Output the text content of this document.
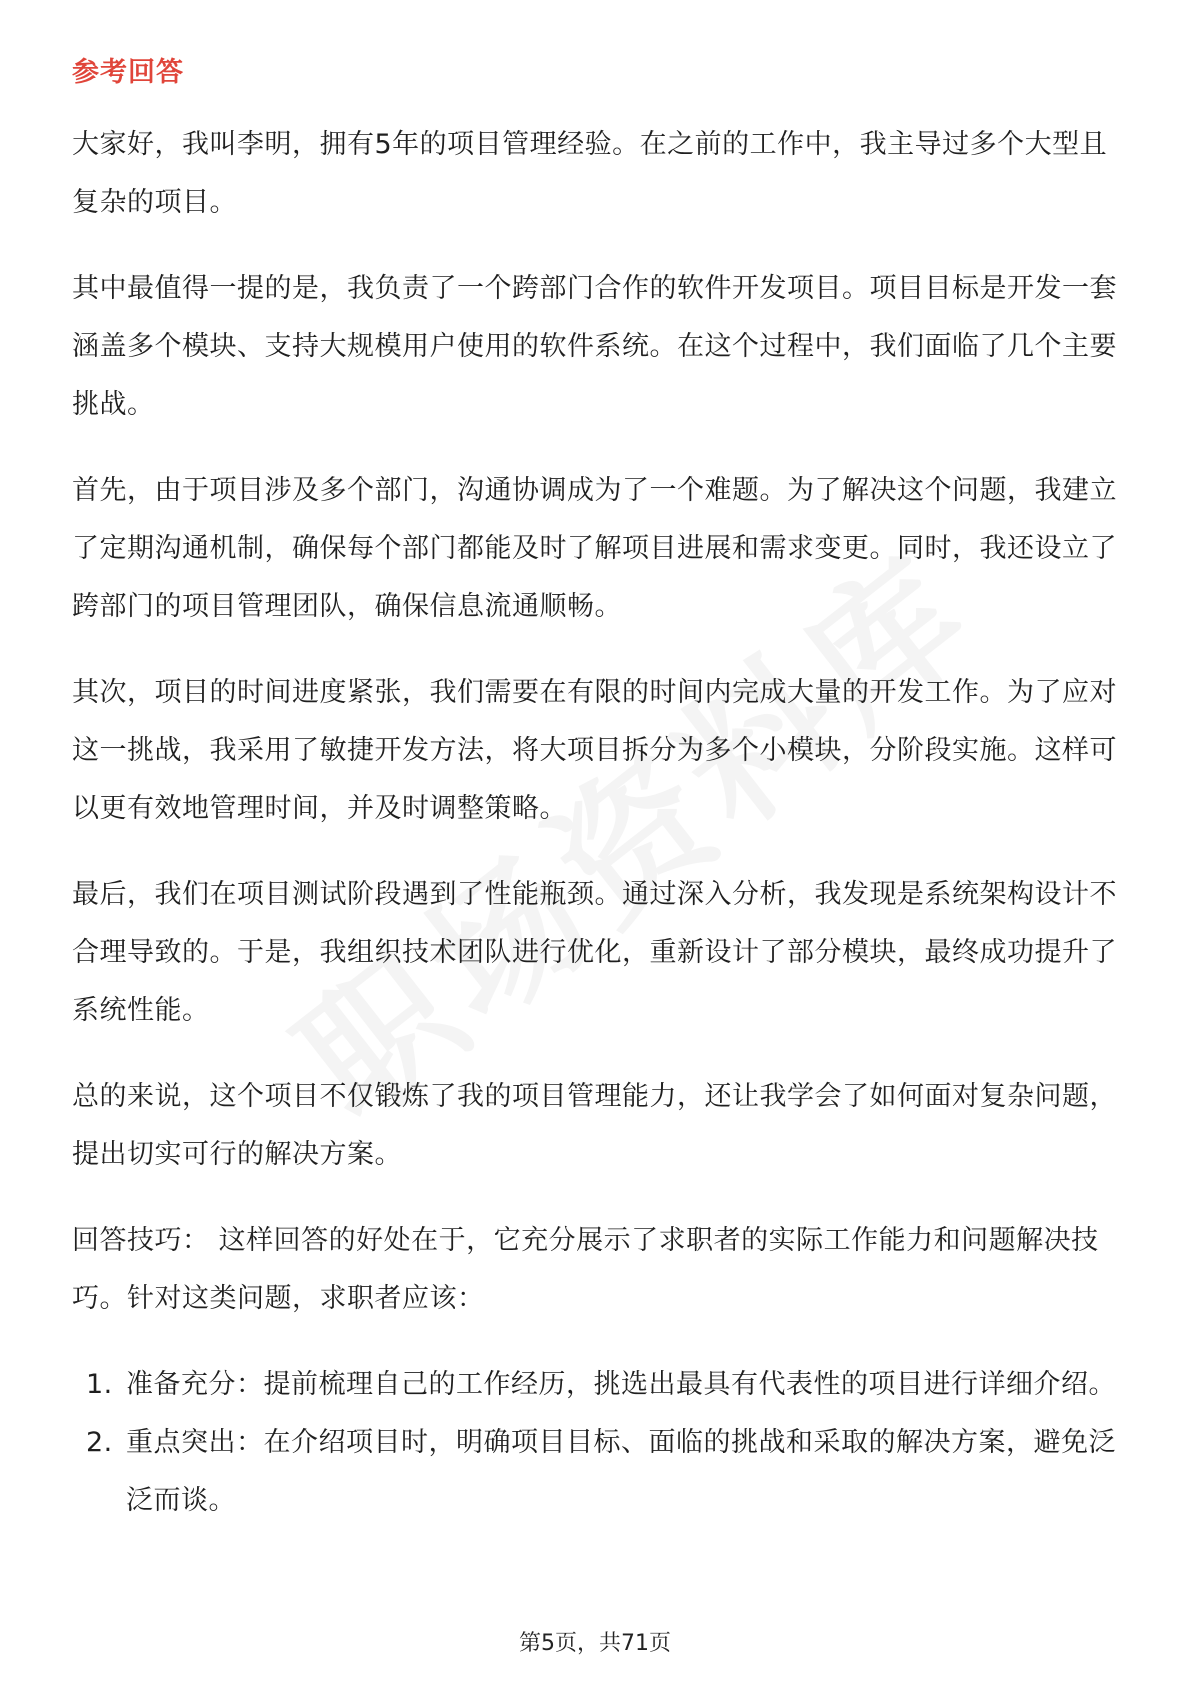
参考回答

大家好，我叫李明，拥有5年的项目管理经验。在之前的工作中，我主导过多个大型且复杂的项目。

其中最值得一提的是，我负责了一个跨部门合作的软件开发项目。项目目标是开发一套涵盖多个模块、支持大规模用户使用的软件系统。在这个过程中，我们面临了几个主要挑战。

首先，由于项目涉及多个部门，沟通协调成为了一个难题。为了解决这个问题，我建立了定期沟通机制，确保每个部门都能及时了解项目进展和需求变更。同时，我还设立了跨部门的项目管理团队，确保信息流通顺畅。

其次，项目的时间进度紧张，我们需要在有限的时间内完成大量的开发工作。为了应对这一挑战，我采用了敏捷开发方法，将大项目拆分为多个小模块，分阶段实施。这样可以更有效地管理时间，并及时调整策略。

最后，我们在项目测试阶段遇到了性能瓶颈。通过深入分析，我发现是系统架构设计不合理导致的。于是，我组织技术团队进行优化，重新设计了部分模块，最终成功提升了系统性能。

总的来说，这个项目不仅锻炼了我的项目管理能力，还让我学会了如何面对复杂问题，提出切实可行的解决方案。

回答技巧： 这样回答的好处在于，它充分展示了求职者的实际工作能力和问题解决技巧。针对这类问题，求职者应该：

1. 准备充分：提前梳理自己的工作经历，挑选出最具有代表性的项目进行详细介绍。
2. 重点突出：在介绍项目时，明确项目目标、面临的挑战和采取的解决方案，避免泛泛而谈。
第5页，共71页
